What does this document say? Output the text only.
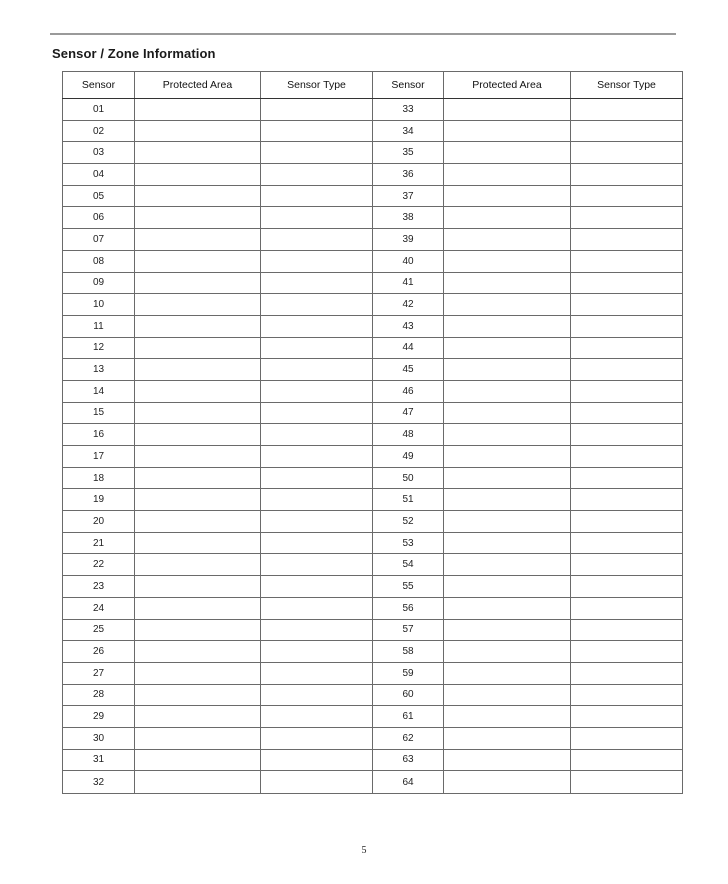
Sensor / Zone Information
Sensor	Protected Area	Sensor Type	Sensor	Protected Area	Sensor Type
01			33		
02			34		
03			35		
04			36		
05			37		
06			38		
07			39		
08			40		
09			41		
10			42		
11			43		
12			44		
13			45		
14			46		
15			47		
16			48		
17			49		
18			50		
19			51		
20			52		
21			53		
22			54		
23			55		
24			56		
25			57		
26			58		
27			59		
28			60		
29			61		
30			62		
31			63		
32			64		
5
